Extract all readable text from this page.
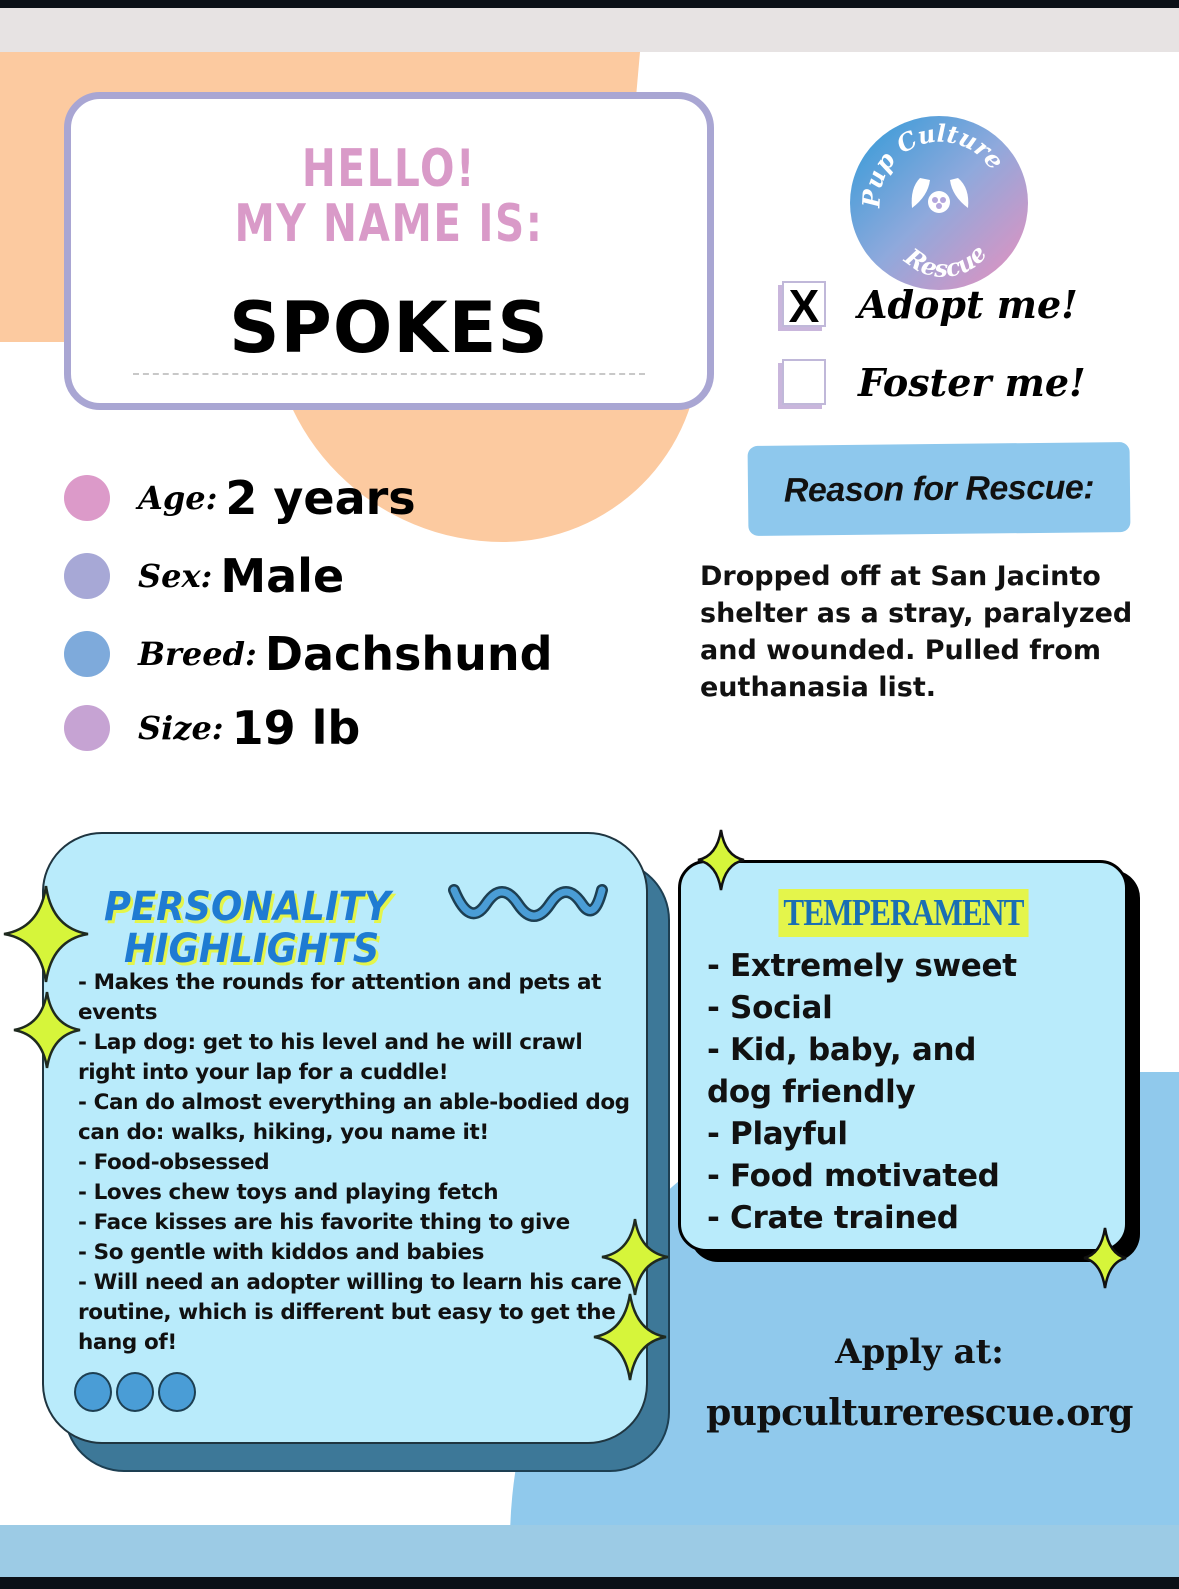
HELLO!
MY NAME IS:
SPOKES
Pup Culture
Rescue
X Adopt me!
Foster me!
Reason for Rescue:
Dropped off at San Jacinto shelter as a stray, paralyzed and wounded. Pulled from euthanasia list.
Age: 2 years
Sex: Male
Breed: Dachshund
Size: 19 lb
PERSONALITY
HIGHLIGHTS
- Makes the rounds for attention and pets at events
- Lap dog: get to his level and he will crawl right into your lap for a cuddle!
- Can do almost everything an able-bodied dog can do: walks, hiking, you name it!
- Food-obsessed
- Loves chew toys and playing fetch
- Face kisses are his favorite thing to give
- So gentle with kiddos and babies
- Will need an adopter willing to learn his care routine, which is different but easy to get the hang of!
TEMPERAMENT
- Extremely sweet
- Social
- Kid, baby, and
dog friendly
- Playful
- Food motivated
- Crate trained
Apply at:
pupculturerescue.org
